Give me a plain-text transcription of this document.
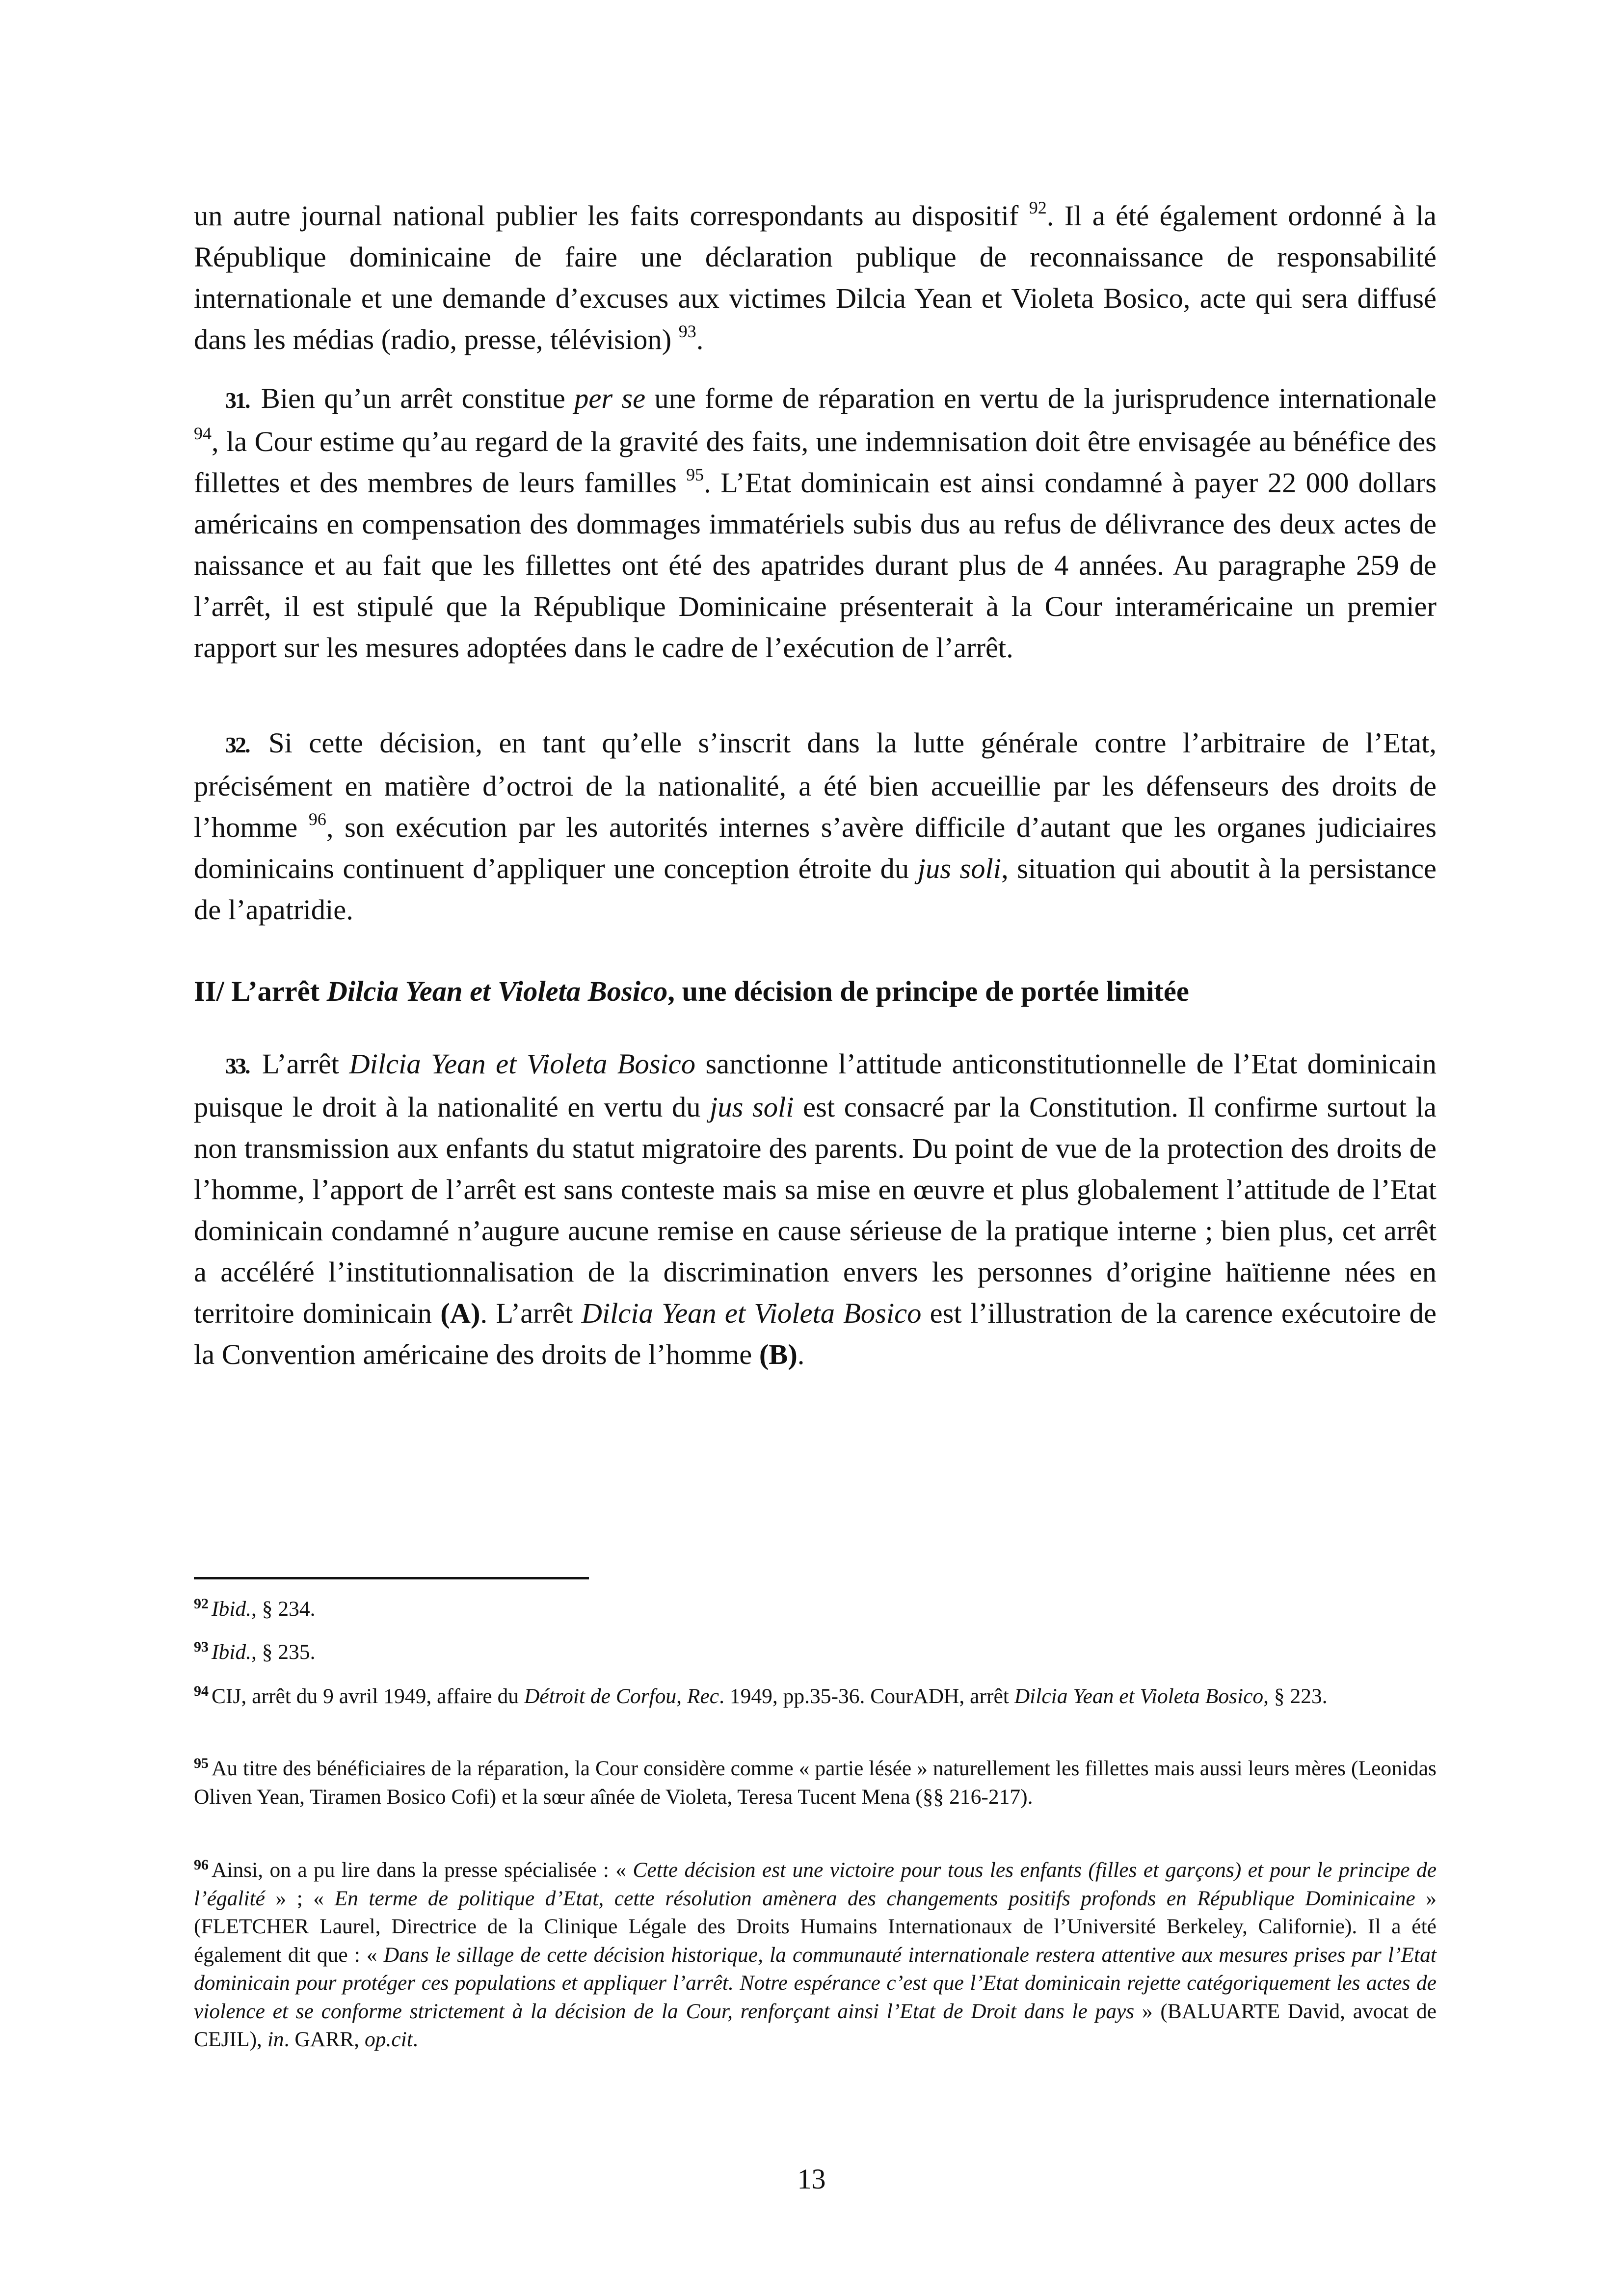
un autre journal national publier les faits correspondants au dispositif $^{92}$. Il a été également ordonné à la République dominicaine de faire une déclaration publique de reconnaissance de responsabilité internationale et une demande d’excuses aux victimes Dilcia Yean et Violeta Bosico, acte qui sera diffusé dans les médias (radio, presse, télévision) $^{93}$.

31. Bien qu’un arrêt constitue per se une forme de réparation en vertu de la jurisprudence internationale $^{94}$, la Cour estime qu’au regard de la gravité des faits, une indemnisation doit être envisagée au bénéfice des fillettes et des membres de leurs familles $^{95}$. L’Etat dominicain est ainsi condamné à payer 22 000 dollars américains en compensation des dommages immatériels subis dus au refus de délivrance des deux actes de naissance et au fait que les fillettes ont été des apatrides durant plus de 4 années. Au paragraphe 259 de l’arrêt, il est stipulé que la République Dominicaine présenterait à la Cour interaméricaine un premier rapport sur les mesures adoptées dans le cadre de l’exécution de l’arrêt.

32. Si cette décision, en tant qu’elle s’inscrit dans la lutte générale contre l’arbitraire de l’Etat, précisément en matière d’octroi de la nationalité, a été bien accueillie par les défenseurs des droits de l’homme $^{96}$, son exécution par les autorités internes s’avère difficile d’autant que les organes judiciaires dominicains continuent d’appliquer une conception étroite du jus soli, situation qui aboutit à la persistance de l’apatridie.

II/ L’arrêt Dilcia Yean et Violeta Bosico, une décision de principe de portée limitée

33. L’arrêt Dilcia Yean et Violeta Bosico sanctionne l’attitude anticonstitutionnelle de l’Etat dominicain puisque le droit à la nationalité en vertu du jus soli est consacré par la Constitution. Il confirme surtout la non transmission aux enfants du statut migratoire des parents. Du point de vue de la protection des droits de l’homme, l’apport de l’arrêt est sans conteste mais sa mise en œuvre et plus globalement l’attitude de l’Etat dominicain condamné n’augure aucune remise en cause sérieuse de la pratique interne ; bien plus, cet arrêt a accéléré l’institutionnalisation de la discrimination envers les personnes d’origine haïtienne nées en territoire dominicain (A). L’arrêt Dilcia Yean et Violeta Bosico est l’illustration de la carence exécutoire de la Convention américaine des droits de l’homme (B).

$^{92}$ Ibid., § 234.

$^{93}$ Ibid., § 235.

$^{94}$ CIJ, arrêt du 9 avril 1949, affaire du Détroit de Corfou, Rec. 1949, pp.35-36. CourADH, arrêt Dilcia Yean et Violeta Bosico, § 223.

$^{95}$ Au titre des bénéficiaires de la réparation, la Cour considère comme « partie lésée » naturellement les fillettes mais aussi leurs mères (Leonidas Oliven Yean, Tiramen Bosico Cofi) et la sœur aînée de Violeta, Teresa Tucent Mena (§§ 216-217).

$^{96}$ Ainsi, on a pu lire dans la presse spécialisée : « Cette décision est une victoire pour tous les enfants (filles et garçons) et pour le principe de l’égalité » ; « En terme de politique d’Etat, cette résolution amènera des changements positifs profonds en République Dominicaine » (FLETCHER Laurel, Directrice de la Clinique Légale des Droits Humains Internationaux de l’Université Berkeley, Californie). Il a été également dit que : « Dans le sillage de cette décision historique, la communauté internationale restera attentive aux mesures prises par l’Etat dominicain pour protéger ces populations et appliquer l’arrêt. Notre espérance c’est que l’Etat dominicain rejette catégoriquement les actes de violence et se conforme strictement à la décision de la Cour, renforçant ainsi l’Etat de Droit dans le pays » (BALUARTE David, avocat de CEJIL), in. GARR, op.cit.

13
